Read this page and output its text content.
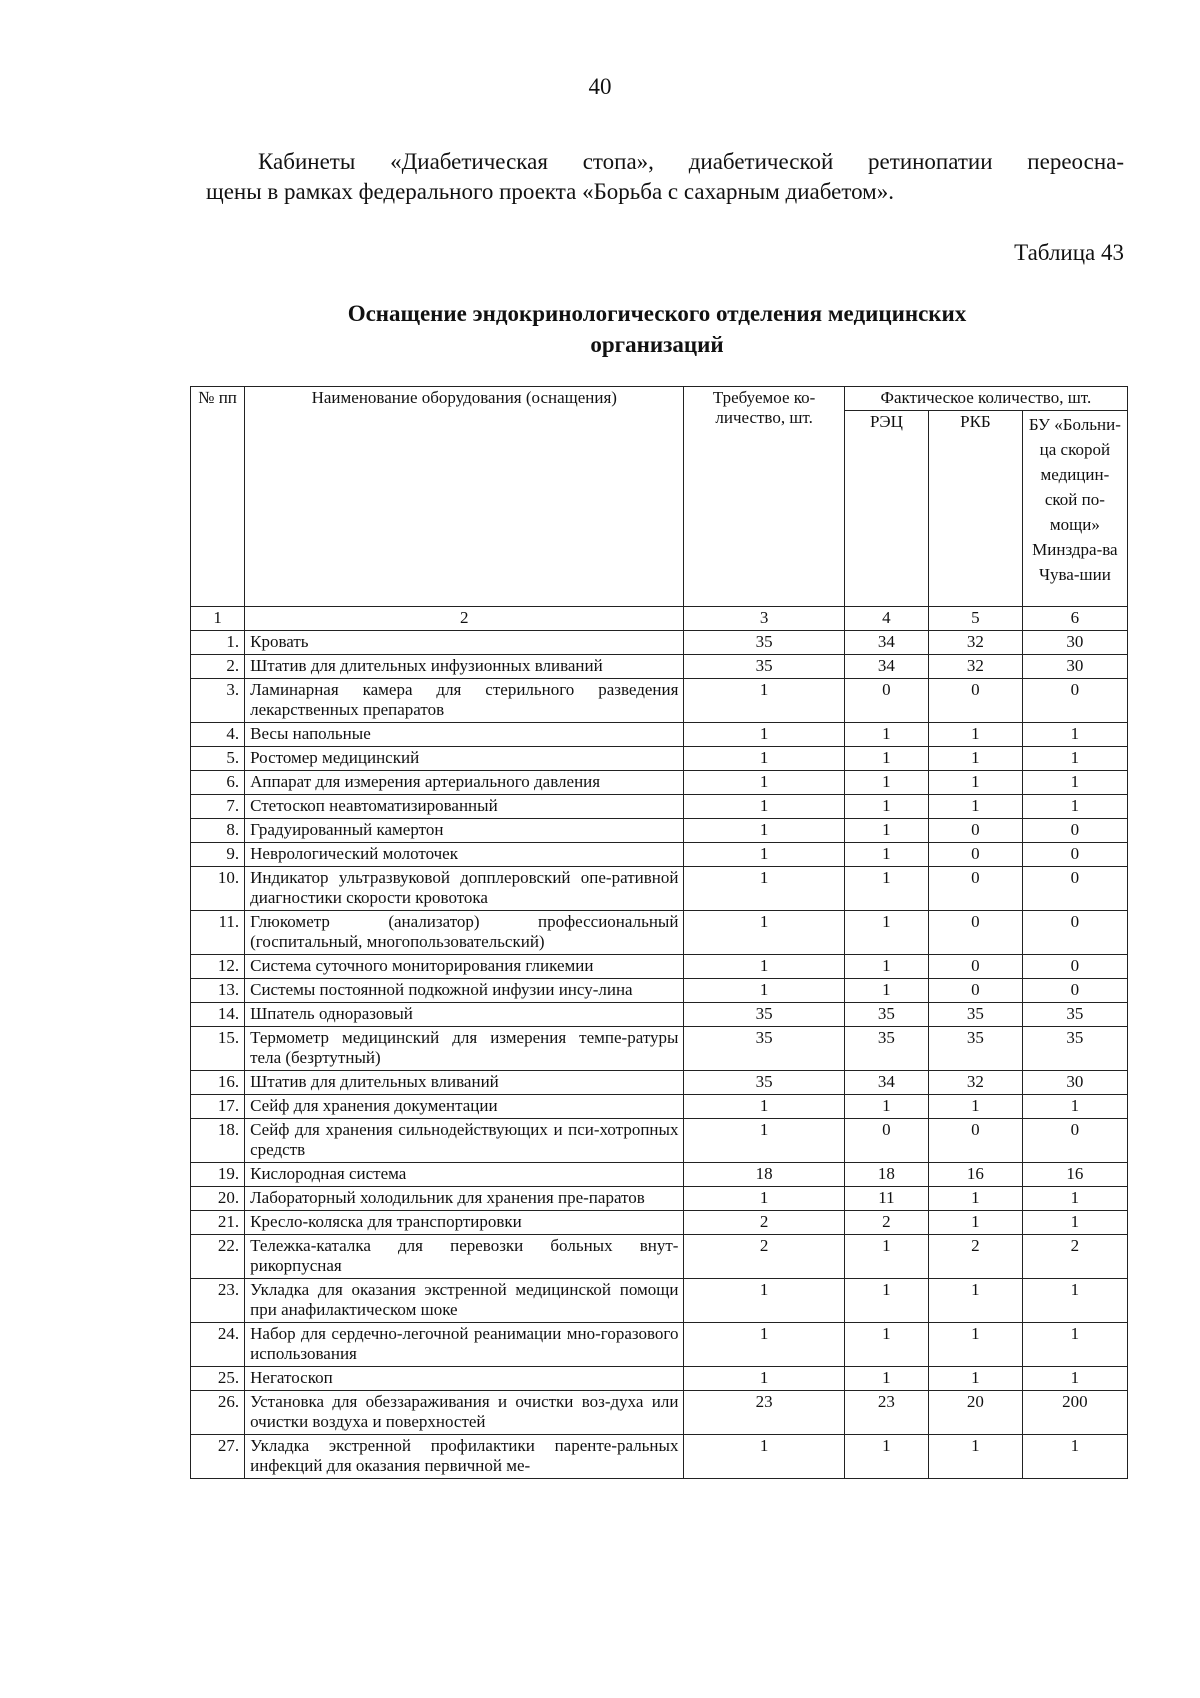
40
Кабинеты «Диабетическая стопа», диабетической ретинопатии переосна-
щены в рамках федерального проекта «Борьба с сахарным диабетом».
Таблица 43
Оснащение эндокринологического отделения медицинских
организаций
№ пп	Наименование оборудования (оснащения)	Требуемое ко-личество, шт.	Фактическое количество, шт.		
			РЭЦ	РКБ	БУ «Больни-ца скорой медицин-ской по-мощи» Минздра-ва Чува-шии
1	2	3	4	5	6
1.	Кровать	35	34	32	30
2.	Штатив для длительных инфузионных вливаний	35	34	32	30
3.	Ламинарная камера для стерильного разведения лекарственных препаратов	1	0	0	0
4.	Весы напольные	1	1	1	1
5.	Ростомер медицинский	1	1	1	1
6.	Аппарат для измерения артериального давления	1	1	1	1
7.	Стетоскоп неавтоматизированный	1	1	1	1
8.	Градуированный камертон	1	1	0	0
9.	Неврологический молоточек	1	1	0	0
10.	Индикатор ультразвуковой допплеровский опе-ративной диагностики скорости кровотока	1	1	0	0
11.	Глюкометр (анализатор) профессиональный (госпитальный, многопользовательский)	1	1	0	0
12.	Система суточного мониторирования гликемии	1	1	0	0
13.	Системы постоянной подкожной инфузии инсу-лина	1	1	0	0
14.	Шпатель одноразовый	35	35	35	35
15.	Термометр медицинский для измерения темпе-ратуры тела (безртутный)	35	35	35	35
16.	Штатив для длительных вливаний	35	34	32	30
17.	Сейф для хранения документации	1	1	1	1
18.	Сейф для хранения сильнодействующих и пси-хотропных средств	1	0	0	0
19.	Кислородная система	18	18	16	16
20.	Лабораторный холодильник для хранения пре-паратов	1	11	1	1
21.	Кресло-коляска для транспортировки	2	2	1	1
22.	Тележка-каталка для перевозки больных внут-рикорпусная	2	1	2	2
23.	Укладка для оказания экстренной медицинской помощи при анафилактическом шоке	1	1	1	1
24.	Набор для сердечно-легочной реанимации мно-горазового использования	1	1	1	1
25.	Негатоскоп	1	1	1	1
26.	Установка для обеззараживания и очистки воз-духа или очистки воздуха и поверхностей	23	23	20	200
27.	Укладка экстренной профилактики паренте-ральных инфекций для оказания первичной ме-	1	1	1	1
